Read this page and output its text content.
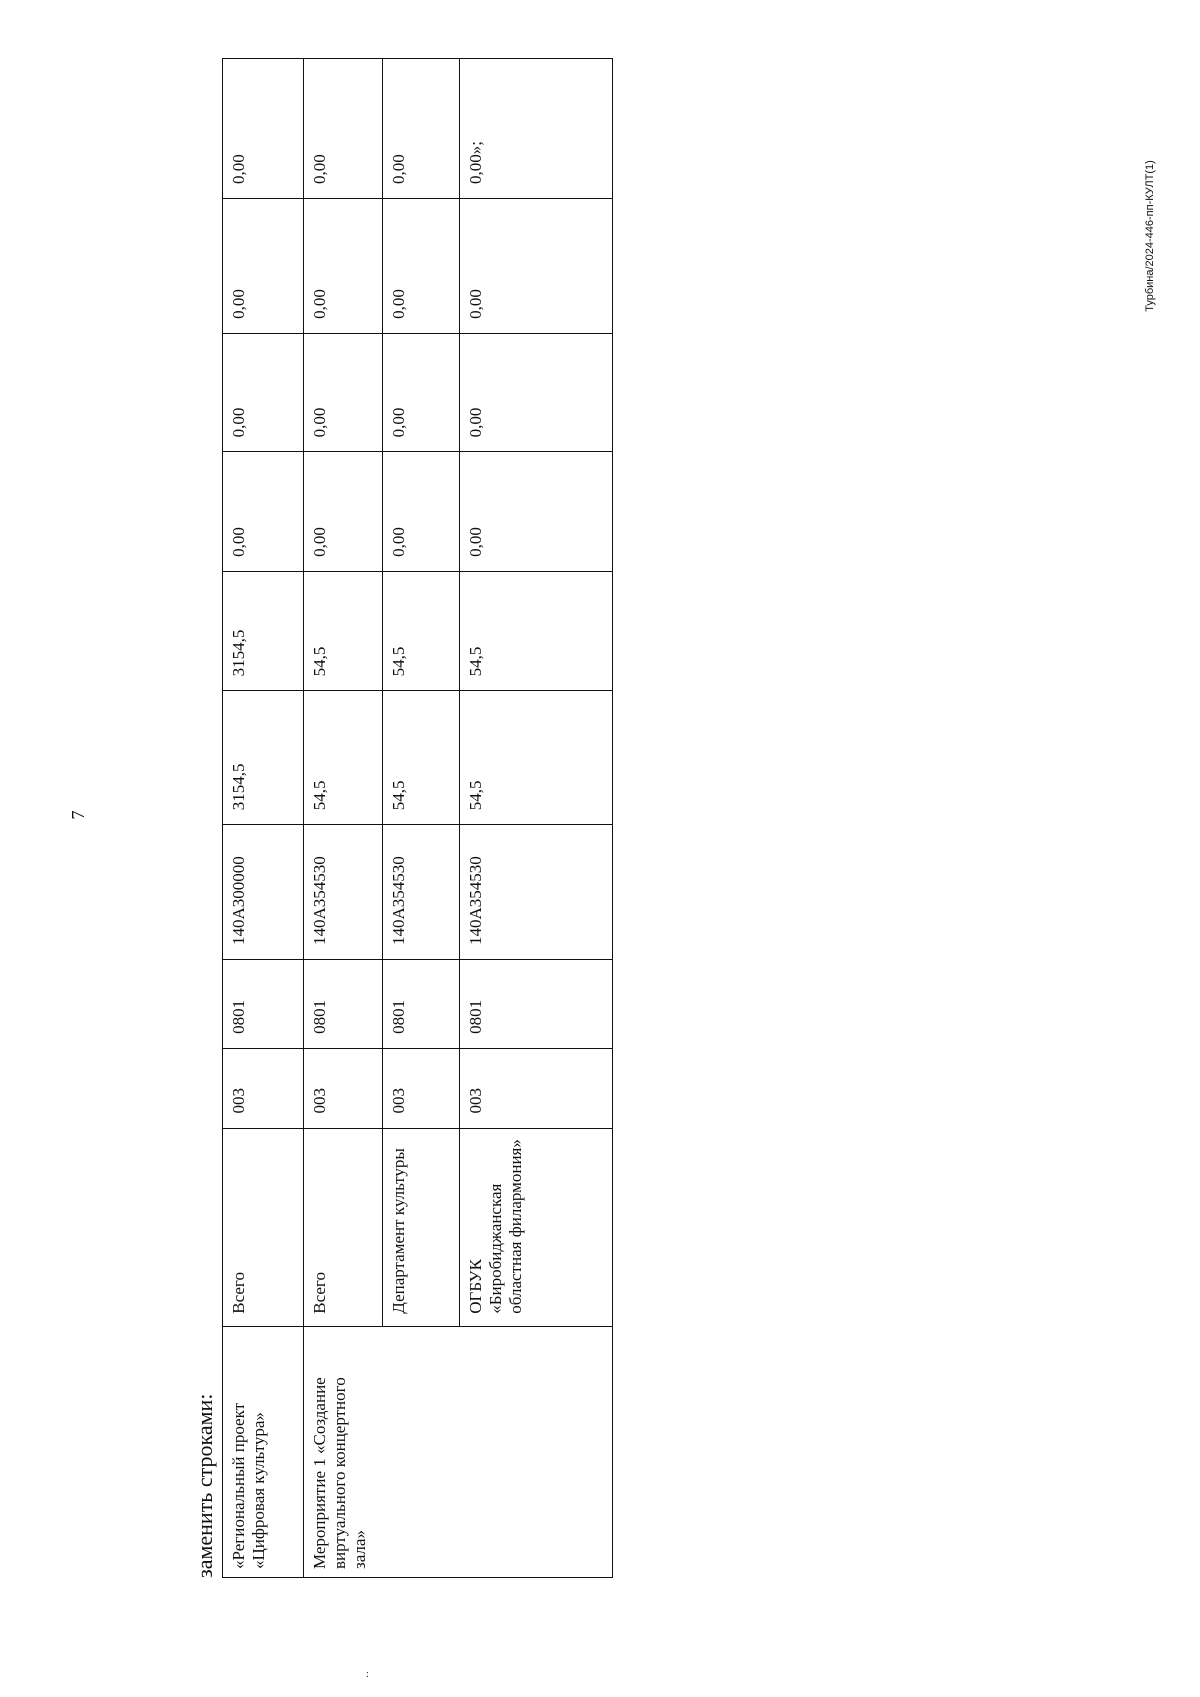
7
заменить строками: «Региональный проект «Цифровая культура»	Всего	003	0801	140А300000	3154,5	3154,5	0,00	0,00	0,00	0,00
Мероприятие 1 «Создание виртуального концертного зала»	Всего	003	0801	140А354530	54,5	54,5	0,00	0,00	0,00	0,00
	Департамент культуры	003	0801	140А354530	54,5	54,5	0,00	0,00	0,00	0,00
	ОГБУК «Биробиджанская областная филармония»	003	0801	140А354530	54,5	54,5	0,00	0,00	0,00	0,00»;	Турбина/2024-446-пп-КУЛТ(1)
:
